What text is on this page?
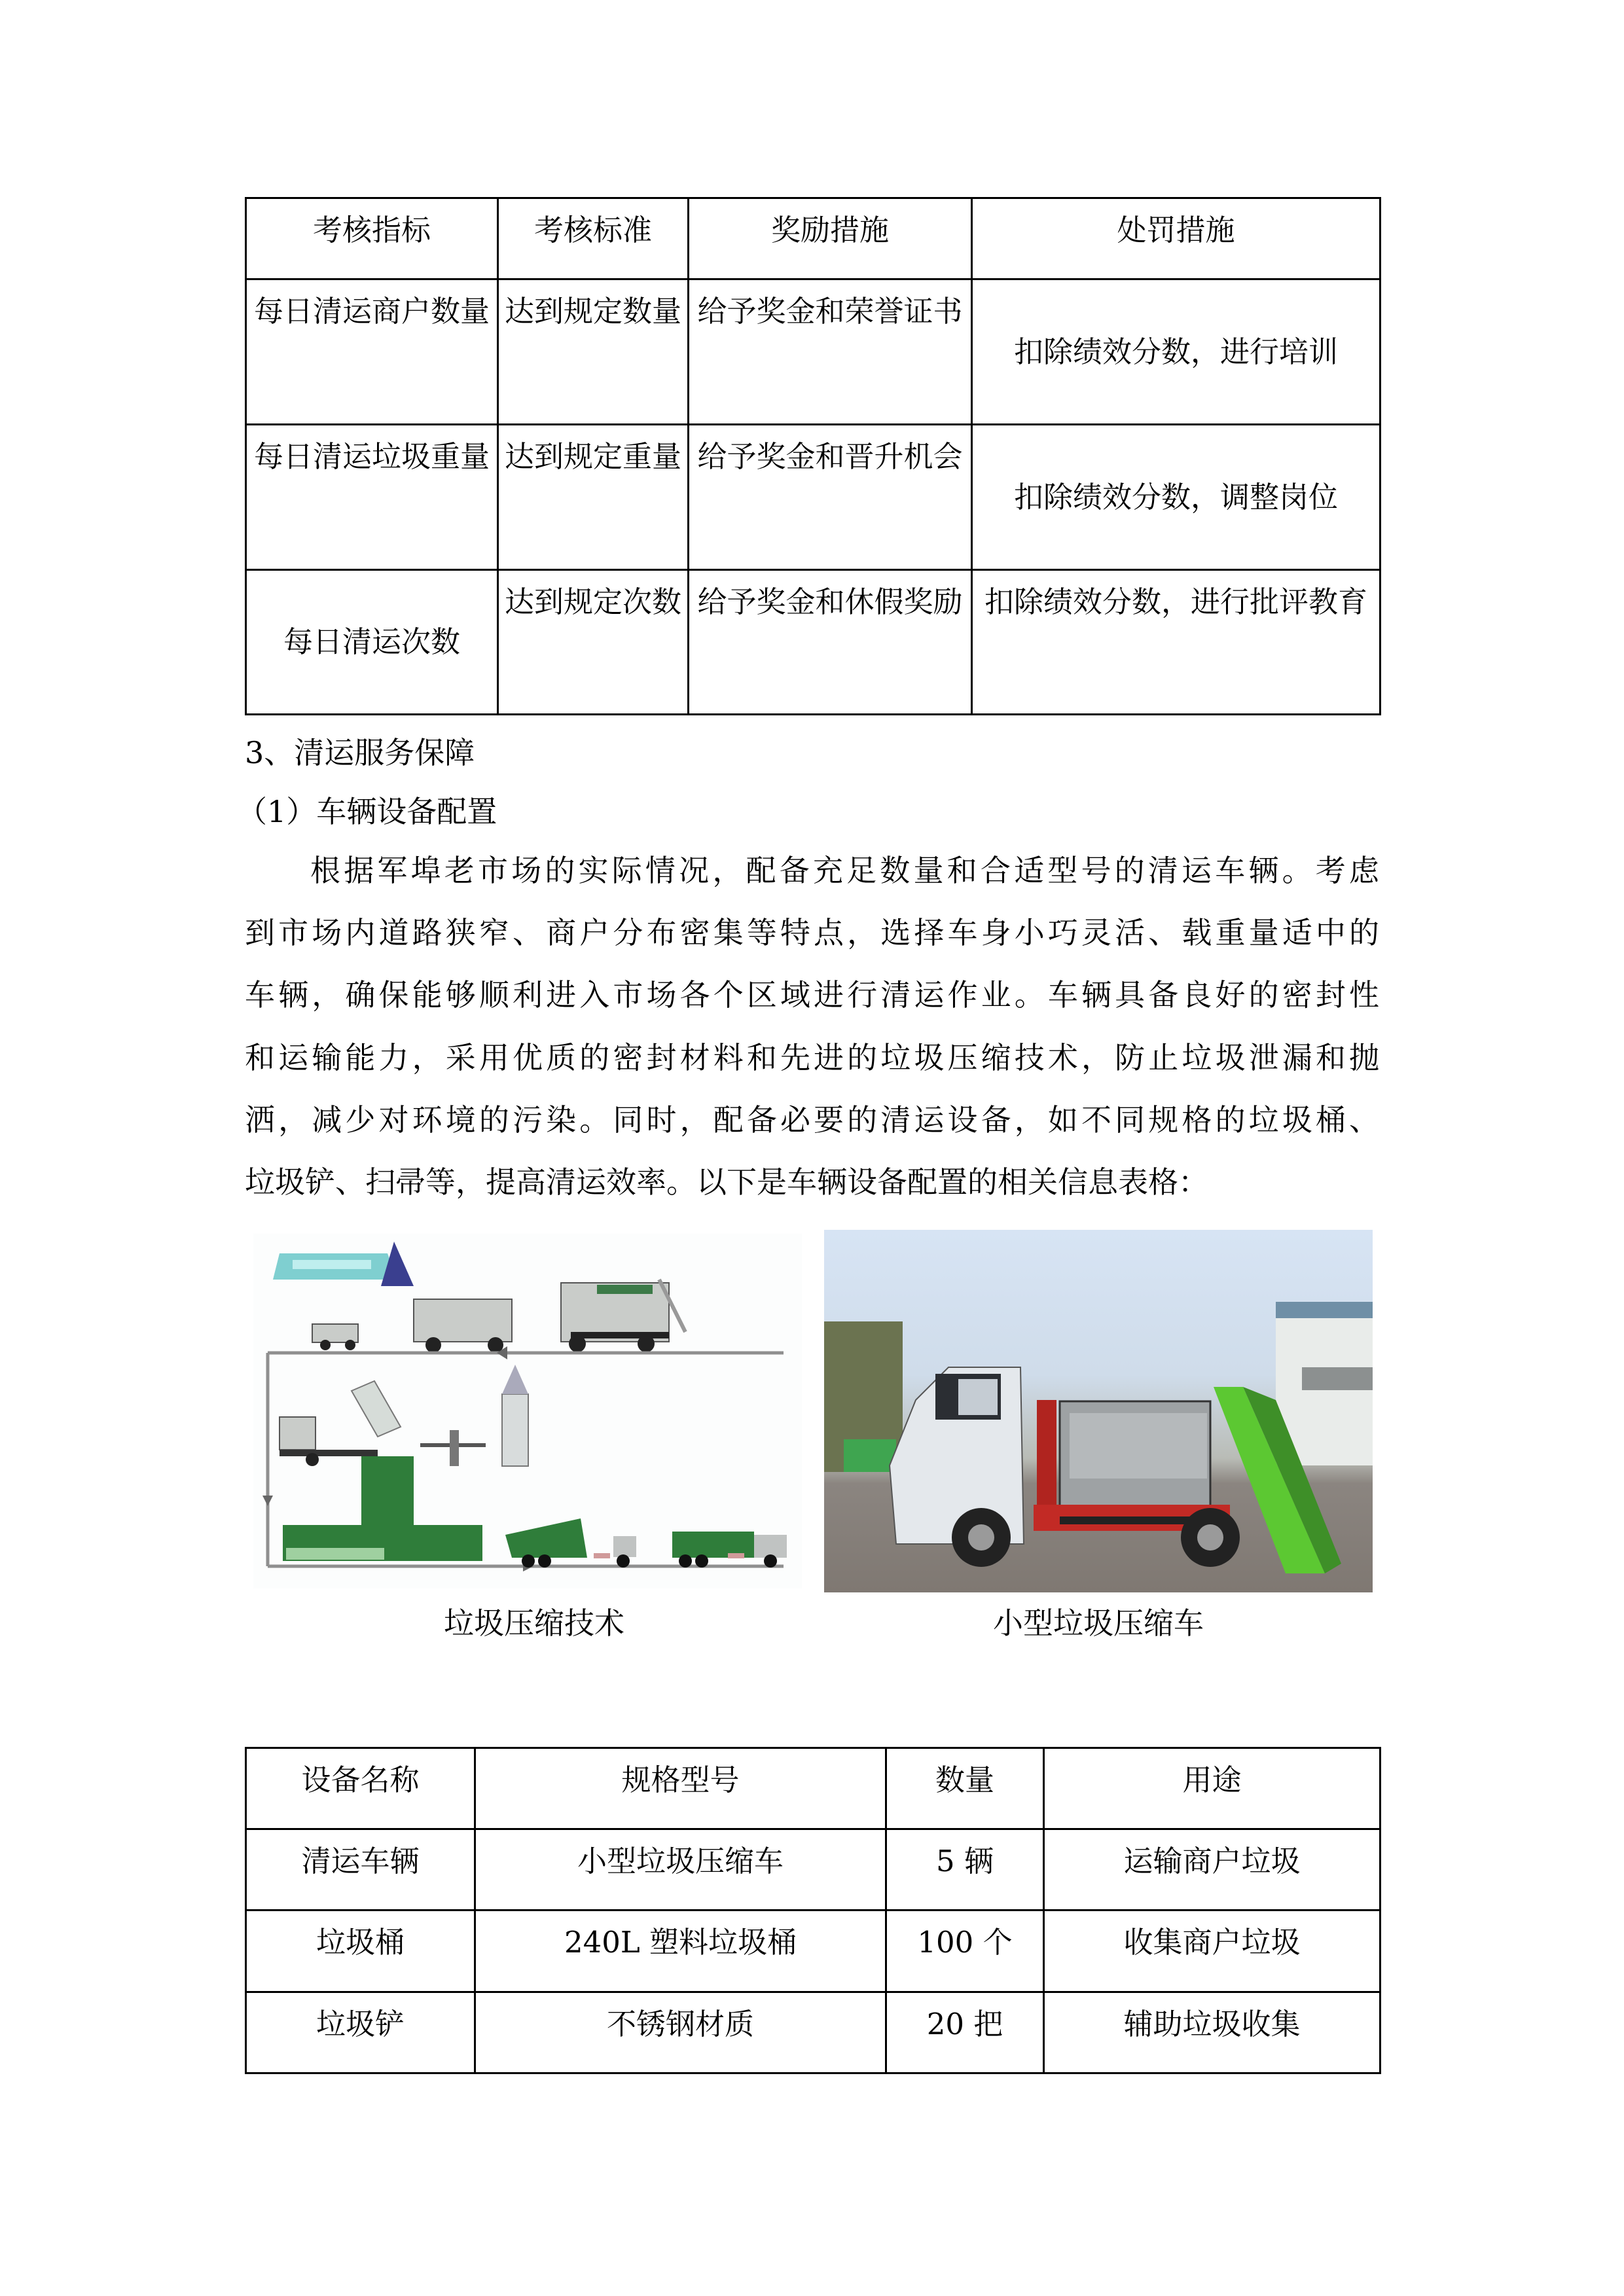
考核指标	考核标准	奖励措施	处罚措施
每日清运商户数量	达到规定数量	给予奖金和荣誉证书	扣除绩效分数，进行培训
每日清运垃圾重量	达到规定重量	给予奖金和晋升机会	扣除绩效分数，调整岗位
每日清运次数	达到规定次数	给予奖金和休假奖励	扣除绩效分数，进行批评教育
3、清运服务保障
（1）车辆设备配置
根据军埠老市场的实际情况，配备充足数量和合适型号的清运车辆。考虑
到市场内道路狭窄、商户分布密集等特点，选择车身小巧灵活、载重量适中的
车辆，确保能够顺利进入市场各个区域进行清运作业。车辆具备良好的密封性
和运输能力，采用优质的密封材料和先进的垃圾压缩技术，防止垃圾泄漏和抛
洒，减少对环境的污染。同时，配备必要的清运设备，如不同规格的垃圾桶、
垃圾铲、扫帚等，提高清运效率。以下是车辆设备配置的相关信息表格：
垃圾压缩技术	小型垃圾压缩车
设备名称	规格型号	数量	用途
清运车辆	小型垃圾压缩车	5 辆	运输商户垃圾
垃圾桶	240L 塑料垃圾桶	100 个	收集商户垃圾
垃圾铲	不锈钢材质	20 把	辅助垃圾收集
